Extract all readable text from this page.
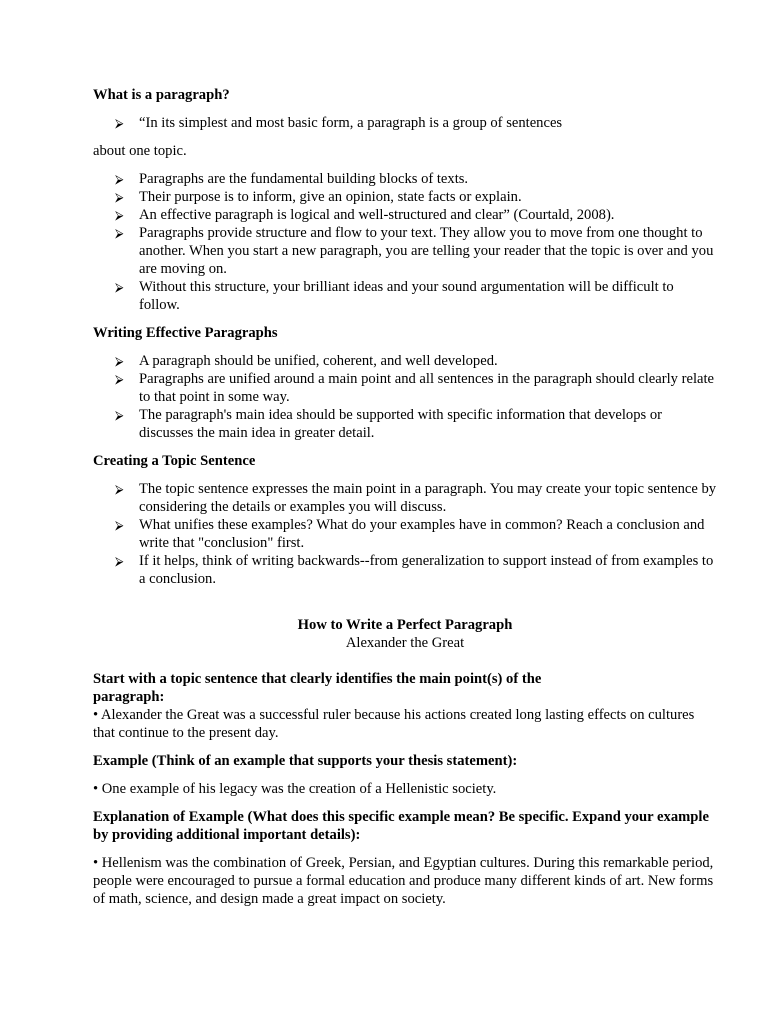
What is a paragraph?

⮚	“In its simplest and most basic form, a paragraph is a group of sentences

about one topic.

⮚	Paragraphs are the fundamental building blocks of texts.
⮚	Their purpose is to inform, give an opinion, state facts or explain.
⮚	An effective paragraph is logical and well-structured and clear” (Courtald, 2008).
⮚	Paragraphs provide structure and flow to your text. They allow you to move from one thought to another. When you start a new paragraph, you are telling your reader that the topic is over and you are moving on.
⮚	Without this structure, your brilliant ideas and your sound argumentation will be difficult to follow.

Writing Effective Paragraphs

⮚	A paragraph should be unified, coherent, and well developed.
⮚	Paragraphs are unified around a main point and all sentences in the paragraph should clearly relate to that point in some way.
⮚	The paragraph's main idea should be supported with specific information that develops or discusses the main idea in greater detail.

Creating a Topic Sentence

⮚	The topic sentence expresses the main point in a paragraph. You may create your topic sentence by considering the details or examples you will discuss.
⮚	What unifies these examples? What do your examples have in common? Reach a conclusion and write that "conclusion" first.
⮚	If it helps, think of writing backwards--from generalization to support instead of from examples to a conclusion.

How to Write a Perfect Paragraph

Alexander the Great

Start with a topic sentence that clearly identifies the main point(s) of the paragraph:

• Alexander the Great was a successful ruler because his actions created long lasting effects on cultures that continue to the present day.

Example (Think of an example that supports your thesis statement):

• One example of his legacy was the creation of a Hellenistic society.

Explanation of Example (What does this specific example mean? Be specific. Expand your example by providing additional important details):

• Hellenism was the combination of Greek, Persian, and Egyptian cultures. During this remarkable period, people were encouraged to pursue a formal education and produce many different kinds of art. New forms of math, science, and design made a great impact on society.
